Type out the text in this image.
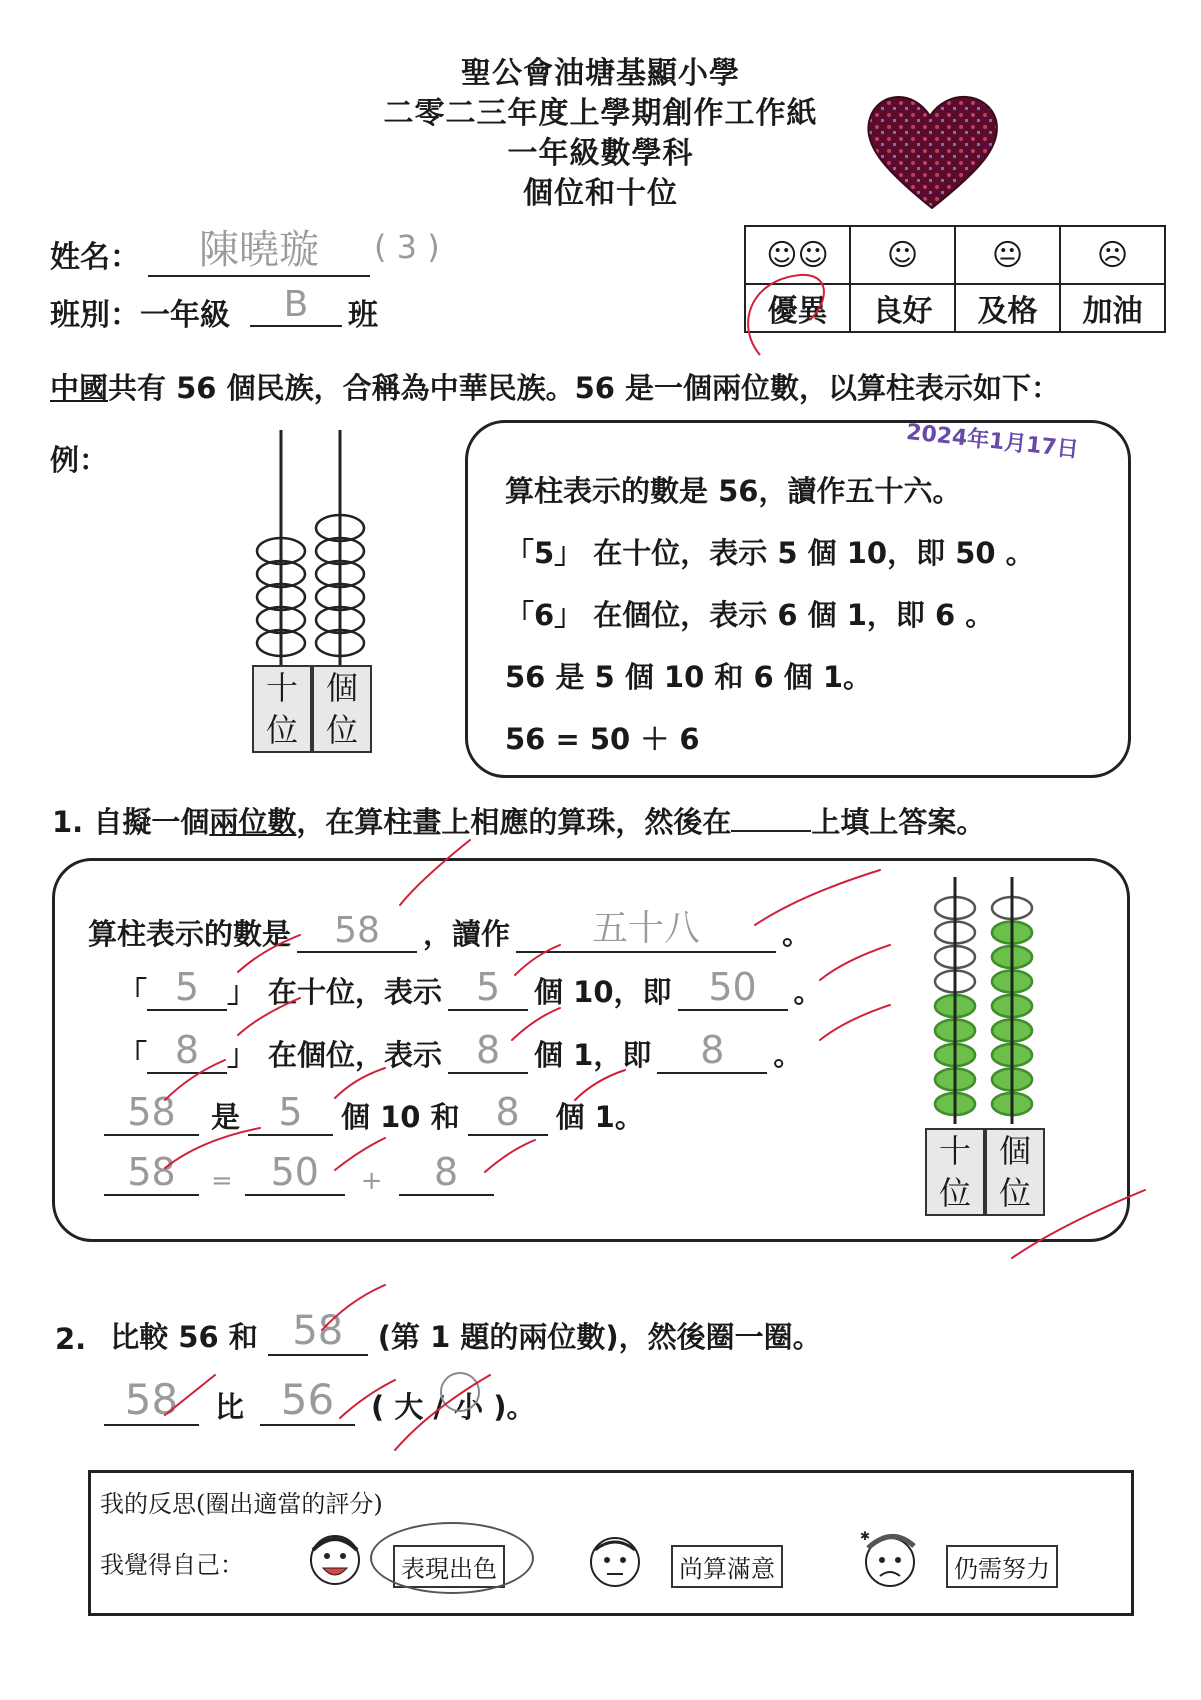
聖公會油塘基顯小學
二零二三年度上學期創作工作紙
一年級數學科
個位和十位
姓名：	陳曉璇	( 3 )
班別：一年級	B	班
☺☺	☺	😐	☹
優異	良好	及格	加油
中國共有 56 個民族，合稱為中華民族。56 是一個兩位數，以算柱表示如下：
例：
十
位
個
位
2024年1月17日
算柱表示的數是 56，讀作五十六。
「5」 在十位，表示 5 個 10，即 50 。
「6」 在個位，表示 6 個 1，即 6 。
56 是 5 個 10 和 6 個 1。
56 = 50 ＋ 6
1. 自擬一個兩位數，在算柱畫上相應的算珠，然後在	上填上答案。
算柱表示的數是	58	，讀作	五十八	。
「 5 」 在十位，表示 5	個 10，即 50	。
「 8 」 在個位，表示 8	個 1，即	8	。
58	是	5	個 10 和 8	個 1。
58	= 50	+	8	十
位
個
位
2. 比較 56 和 58	(第 1 題的兩位數)，然後圈一圈。
58	比 56	( 大 / 小 )。
我的反思(圈出適當的評分)
我覺得自己：	表現出色	尚算滿意
✱
仍需努力
